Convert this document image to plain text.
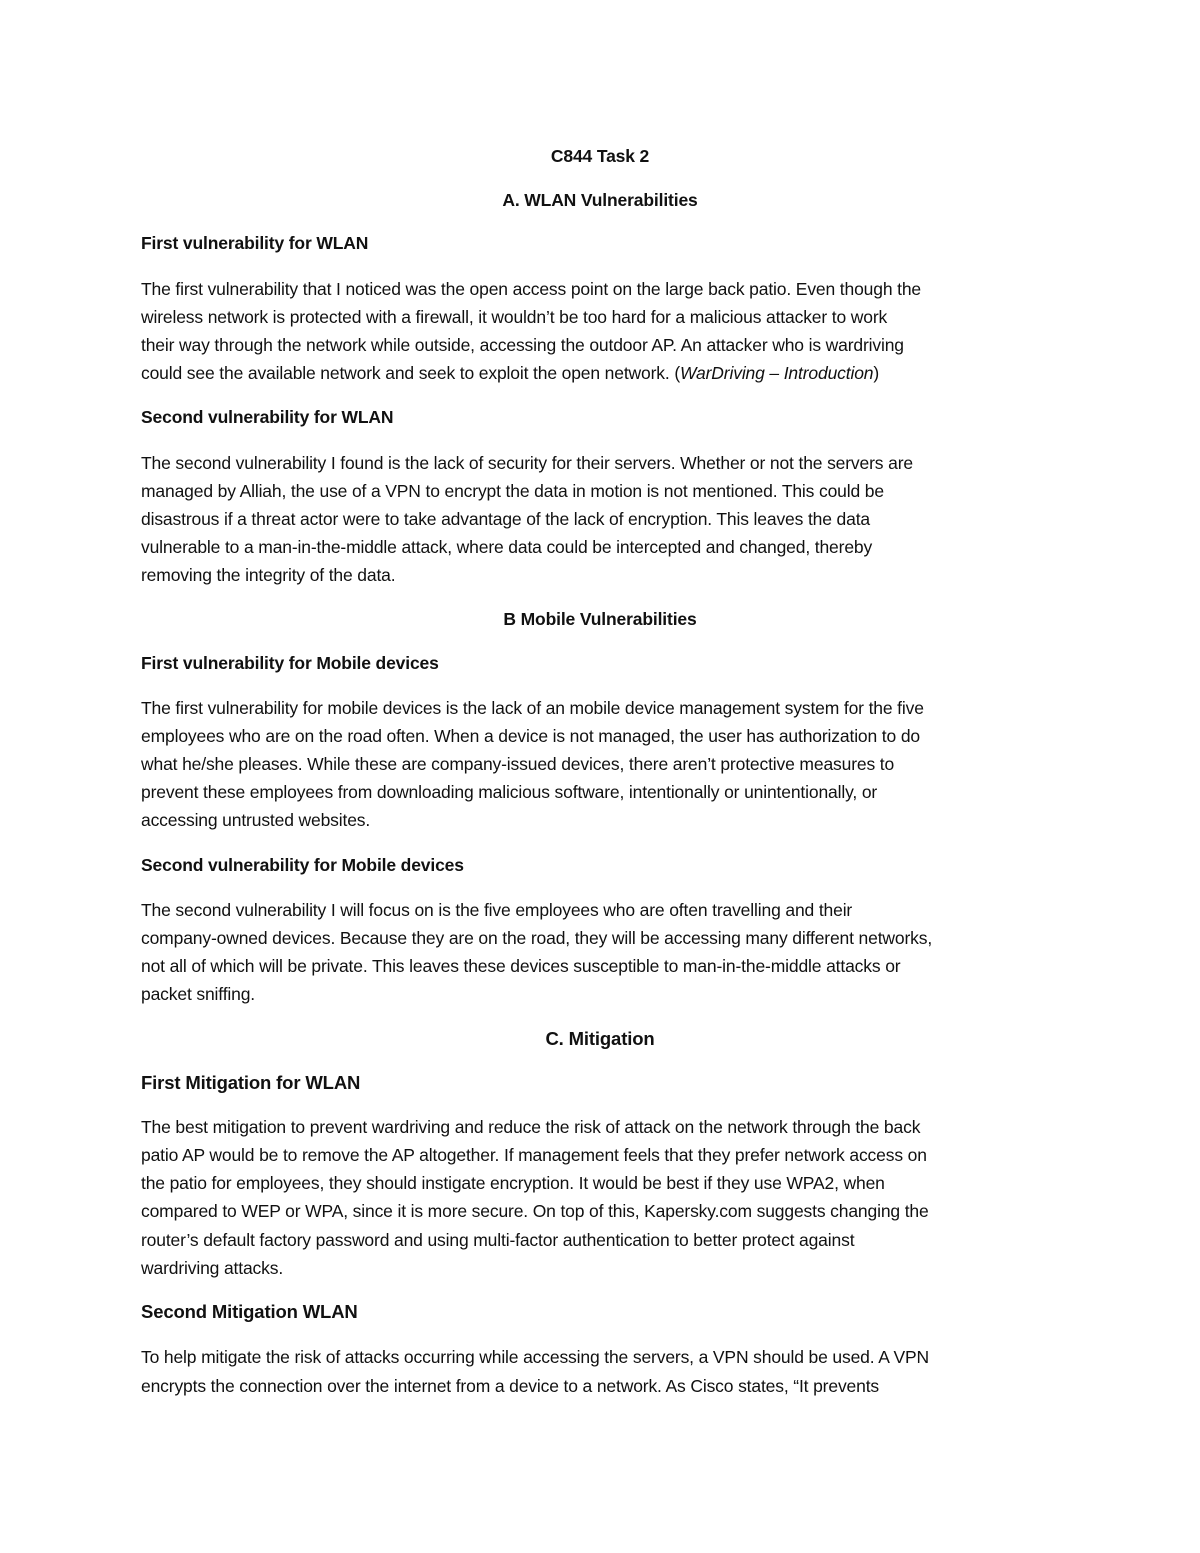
C844 Task 2
A. WLAN Vulnerabilities
First vulnerability for WLAN
The first vulnerability that I noticed was the open access point on the large back patio. Even though the
wireless network is protected with a firewall, it wouldn’t be too hard for a malicious attacker to work
their way through the network while outside, accessing the outdoor AP. An attacker who is wardriving
could see the available network and seek to exploit the open network. (WarDriving – Introduction)
Second vulnerability for WLAN
The second vulnerability I found is the lack of security for their servers. Whether or not the servers are
managed by Alliah, the use of a VPN to encrypt the data in motion is not mentioned. This could be
disastrous if a threat actor were to take advantage of the lack of encryption. This leaves the data
vulnerable to a man-in-the-middle attack, where data could be intercepted and changed, thereby
removing the integrity of the data.
B Mobile Vulnerabilities
First vulnerability for Mobile devices
The first vulnerability for mobile devices is the lack of an mobile device management system for the five
employees who are on the road often. When a device is not managed, the user has authorization to do
what he/she pleases. While these are company-issued devices, there aren’t protective measures to
prevent these employees from downloading malicious software, intentionally or unintentionally, or
accessing untrusted websites.
Second vulnerability for Mobile devices
The second vulnerability I will focus on is the five employees who are often travelling and their
company-owned devices. Because they are on the road, they will be accessing many different networks,
not all of which will be private. This leaves these devices susceptible to man-in-the-middle attacks or
packet sniffing.
C. Mitigation
First Mitigation for WLAN
The best mitigation to prevent wardriving and reduce the risk of attack on the network through the back
patio AP would be to remove the AP altogether. If management feels that they prefer network access on
the patio for employees, they should instigate encryption. It would be best if they use WPA2, when
compared to WEP or WPA, since it is more secure. On top of this, Kapersky.com suggests changing the
router’s default factory password and using multi-factor authentication to better protect against
wardriving attacks.
Second Mitigation WLAN
To help mitigate the risk of attacks occurring while accessing the servers, a VPN should be used. A VPN
encrypts the connection over the internet from a device to a network. As Cisco states, “It prevents
